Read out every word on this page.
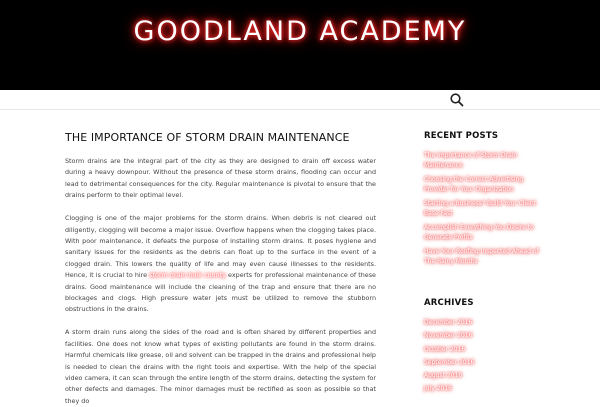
GOODLAND ACADEMY
THE IMPORTANCE OF STORM DRAIN MAINTENANCE

Storm drains are the integral part of the city as they are designed to drain off excess water during a heavy downpour. Without the presence of these storm drains, flooding can occur and lead to detrimental consequences for the city. Regular maintenance is pivotal to ensure that the drains perform to their optimal level.

Clogging is one of the major problems for the storm drains. When debris is not cleared out diligently, clogging will become a major issue. Overflow happens when the clogging takes place. With poor maintenance, it defeats the purpose of installing storm drains. It poses hygiene and sanitary issues for the residents as the debris can float up to the surface in the event of a clogged drain. This lowers the quality of life and may even cause illnesses to the residents. Hence, it is crucial to hire storm drain bulk county experts for professional maintenance of these drains. Good maintenance will include the cleaning of the trap and ensure that there are no blockages and clogs. High pressure water jets must be utilized to remove the stubborn obstructions in the drains.

A storm drain runs along the sides of the road and is often shared by different properties and facilities. One does not know what types of existing pollutants are found in the storm drains. Harmful chemicals like grease, oil and solvent can be trapped in the drains and professional help is needed to clean the drains with the right tools and expertise. With the help of the special video camera, it can scan through the entire length of the storm drains, detecting the system for other defects and damages. The minor damages must be rectified as soon as possible so that they do

RECENT POSTS
The Importance of Storm Drain Maintenance
Choosing the Correct Advertising Provider for Your Organization
Starting a Business? Build Your Client Base Fast
Accomplish Everything You Desire to Generate Profits
Have Your Roofing Inspected Ahead of The Rainy Months
ARCHIVES
December 2016
November 2016
October 2016
September 2016
August 2016
July 2016
